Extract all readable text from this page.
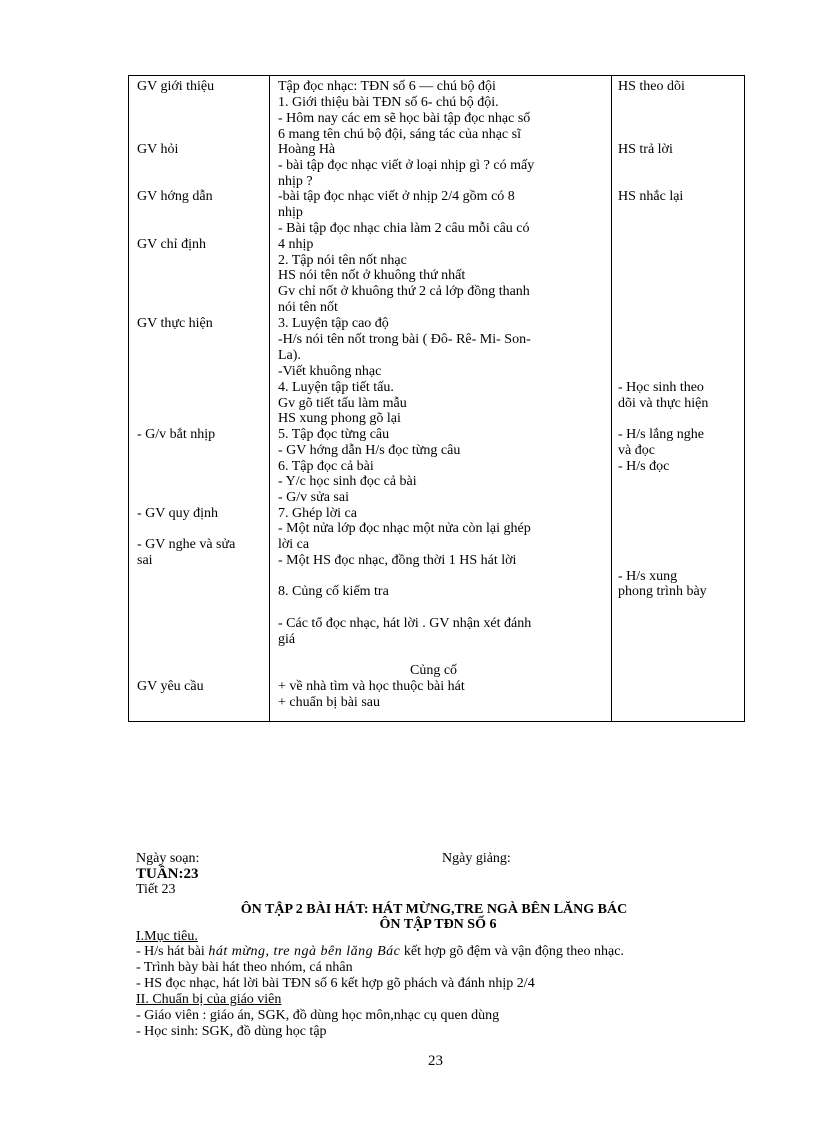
GV giới thiệu
GV hỏi
GV hớng dẫn
GV chỉ định
GV thực hiện
- G/v bắt nhịp
- GV quy định
- GV nghe và sửa
sai
GV yêu cầu
Tập đọc nhạc: TĐN số 6 — chú bộ đội
1. Giới thiệu bài TĐN số 6- chú bộ đội.
- Hôm nay các em sẽ học bài tập đọc nhạc số
6 mang tên chú bộ đội, sáng tác của nhạc sĩ
Hoàng Hà
- bài tập đọc nhạc viết ở loại nhịp gì ? có mấy
nhịp ?
-bài tập đọc nhạc viết ở nhịp 2/4 gồm có 8
nhịp
- Bài tập đọc nhạc chia làm 2 câu mỗi câu có
4 nhịp
2. Tập nói tên nốt nhạc
HS nói tên nốt ở khuông thứ nhất
Gv chỉ nốt ở khuông thứ 2 cả lớp đồng thanh
nói tên nốt
3. Luyện tập cao độ
-H/s nói tên nốt trong bài ( Đô- Rê- Mi- Son-
La).
-Viết khuông nhạc
4. Luyện tập tiết tấu.
Gv gõ tiết tấu làm mẫu
HS xung phong gõ lại
5. Tập đọc từng câu
- GV hớng dẫn H/s đọc từng câu
6. Tập đọc cả bài
- Y/c học sinh đọc cả bài
- G/v sửa sai
7. Ghép lời ca
- Một nửa lớp đọc nhạc một nửa còn lại ghép
lời ca
- Một HS đọc nhạc, đồng thời 1 HS hát lời
8. Củng cố kiểm tra
- Các tổ đọc nhạc, hát lời . GV nhận xét đánh
giá
Củng cố
+ về nhà tìm và học thuộc bài hát
+ chuẩn bị bài sau
HS theo dõi
HS trả lời
HS nhắc lại
- Học sinh theo
dõi và thực hiện
- H/s lắng nghe
và đọc
- H/s đọc
- H/s xung
phong trình bày
Ngày soạn:	Ngày giảng:
TUẦN:23
Tiết 23
ÔN TẬP 2 BÀI HÁT: HÁT MỪNG,TRE NGÀ BÊN LĂNG BÁC
ÔN TẬP TĐN SỐ 6
I.Mục tiêu.
- H/s hát bài hát mừng, tre ngà bên lăng Bác kết hợp gõ đệm và vận động theo nhạc.
- Trình bày bài hát theo nhóm, cá nhân
- HS đọc nhạc, hát lời bài TĐN số 6 kết hợp gõ phách và đánh nhịp 2/4
II. Chuẩn bị của giáo viên
- Giáo viên : giáo án, SGK, đồ dùng học môn,nhạc cụ quen dùng
- Học sinh: SGK, đồ dùng học tập
23
